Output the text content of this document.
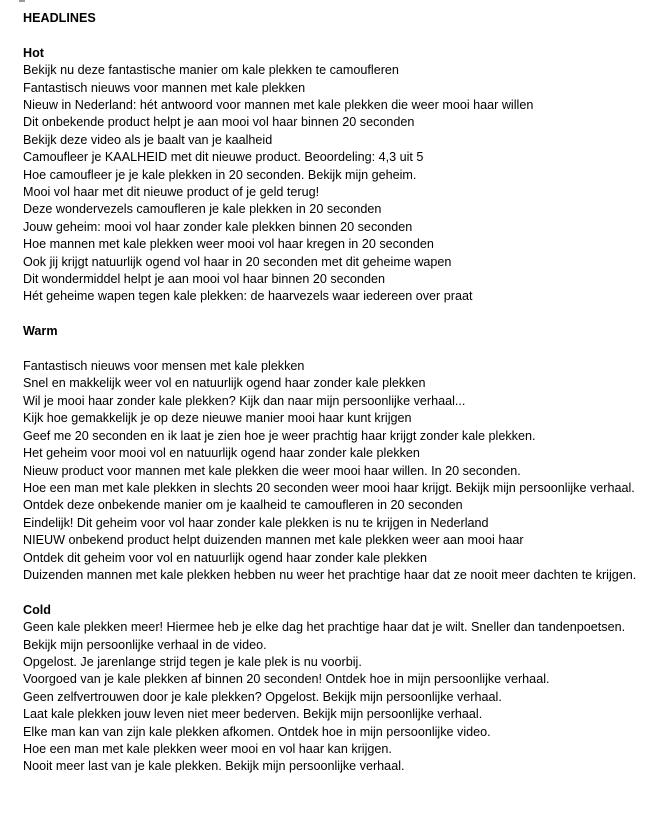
HEADLINES
Hot

Bekijk nu deze fantastische manier om kale plekken te camoufleren

Fantastisch nieuws voor mannen met kale plekken

Nieuw in Nederland: hét antwoord voor mannen met kale plekken die weer mooi haar willen

Dit onbekende product helpt je aan mooi vol haar binnen 20 seconden

Bekijk deze video als je baalt van je kaalheid

Camoufleer je KAALHEID met dit nieuwe product. Beoordeling: 4,3 uit 5

Hoe camoufleer je je kale plekken in 20 seconden. Bekijk mijn geheim.

Mooi vol haar met dit nieuwe product of je geld terug!

Deze wondervezels camoufleren je kale plekken in 20 seconden

Jouw geheim: mooi vol haar zonder kale plekken binnen 20 seconden

Hoe mannen met kale plekken weer mooi vol haar kregen in 20 seconden

Ook jij krijgt natuurlijk ogend vol haar in 20 seconden met dit geheime wapen

Dit wondermiddel helpt je aan mooi vol haar binnen 20 seconden

Hét geheime wapen tegen kale plekken: de haarvezels waar iedereen over praat

Warm

Fantastisch nieuws voor mensen met kale plekken

Snel en makkelijk weer vol en natuurlijk ogend haar zonder kale plekken

Wil je mooi haar zonder kale plekken? Kijk dan naar mijn persoonlijke verhaal...

Kijk hoe gemakkelijk je op deze nieuwe manier mooi haar kunt krijgen

Geef me 20 seconden en ik laat je zien hoe je weer prachtig haar krijgt zonder kale plekken.

Het geheim voor mooi vol en natuurlijk ogend haar zonder kale plekken

Nieuw product voor mannen met kale plekken die weer mooi haar willen. In 20 seconden.

Hoe een man met kale plekken in slechts 20 seconden weer mooi haar krijgt. Bekijk mijn persoonlijke verhaal.

Ontdek deze onbekende manier om je kaalheid te camoufleren in 20 seconden

Eindelijk! Dit geheim voor vol haar zonder kale plekken is nu te krijgen in Nederland

NIEUW onbekend product helpt duizenden mannen met kale plekken weer aan mooi haar

Ontdek dit geheim voor vol en natuurlijk ogend haar zonder kale plekken

Duizenden mannen met kale plekken hebben nu weer het prachtige haar dat ze nooit meer dachten te krijgen.

Cold

Geen kale plekken meer! Hiermee heb je elke dag het prachtige haar dat je wilt. Sneller dan tandenpoetsen. Bekijk mijn persoonlijke verhaal in de video.

Opgelost. Je jarenlange strijd tegen je kale plek is nu voorbij.

Voorgoed van je kale plekken af binnen 20 seconden! Ontdek hoe in mijn persoonlijke verhaal.

Geen zelfvertrouwen door je kale plekken? Opgelost. Bekijk mijn persoonlijke verhaal.

Laat kale plekken jouw leven niet meer bederven. Bekijk mijn persoonlijke verhaal.

Elke man kan van zijn kale plekken afkomen. Ontdek hoe in mijn persoonlijke video.

Hoe een man met kale plekken weer mooi en vol haar kan krijgen.

Nooit meer last van je kale plekken. Bekijk mijn persoonlijke verhaal.
